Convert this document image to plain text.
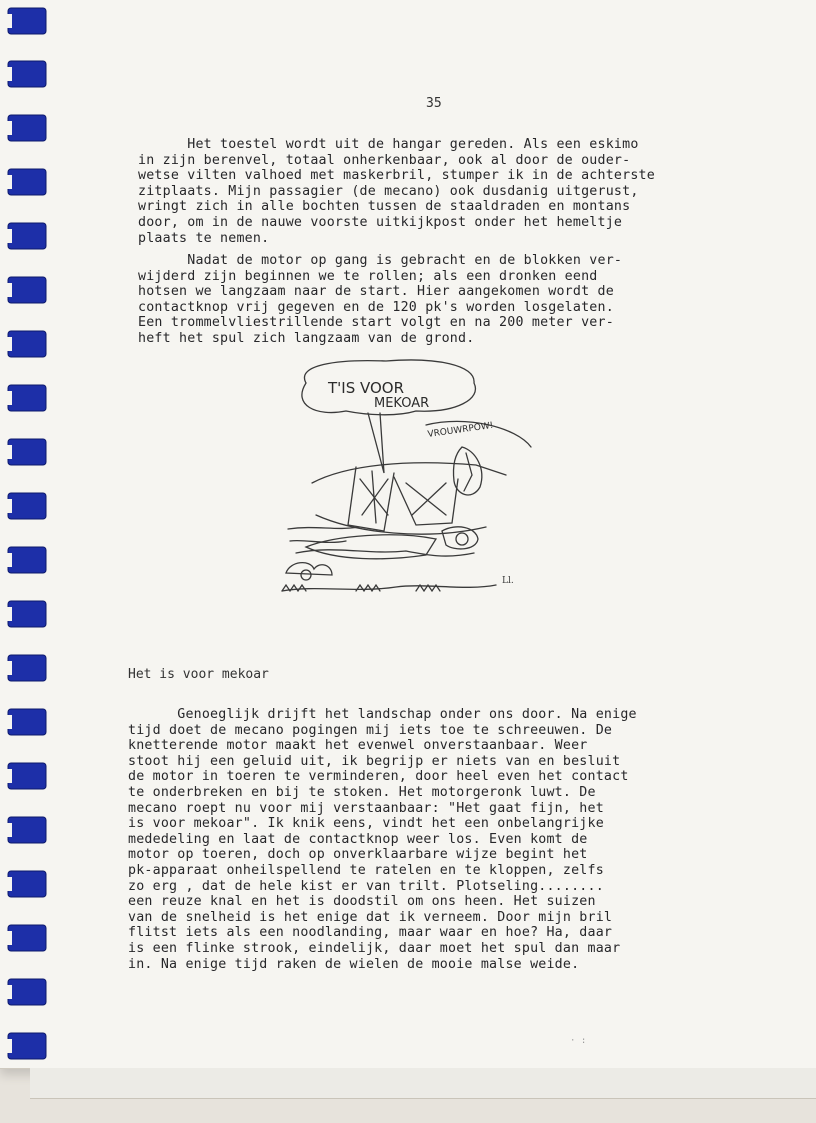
35
Het toestel wordt uit de hangar gereden. Als een eskimo
in zijn berenvel, totaal onherkenbaar, ook al door de ouder-
wetse vilten valhoed met maskerbril, stumper ik in de achterste
zitplaats. Mijn passagier (de mecano) ook dusdanig uitgerust,
wringt zich in alle bochten tussen de staaldraden en montans
door, om in de nauwe voorste uitkijkpost onder het hemeltje
plaats te nemen.
Nadat de motor op gang is gebracht en de blokken ver-
wijderd zijn beginnen we te rollen; als een dronken eend
hotsen we langzaam naar de start. Hier aangekomen wordt de
contactknop vrij gegeven en de 120 pk's worden losgelaten.
Een trommelvliestrillende start volgt en na 200 meter ver-
heft het spul zich langzaam van de grond.
T'IS VOOR
MEKOAR
VROUWRPOW!
Ll.
Het is voor mekoar
Genoeglijk drijft het landschap onder ons door. Na enige
tijd doet de mecano pogingen mij iets toe te schreeuwen. De
knetterende motor maakt het evenwel onverstaanbaar. Weer
stoot hij een geluid uit, ik begrijp er niets van en besluit
de motor in toeren te verminderen, door heel even het contact
te onderbreken en bij te stoken. Het motorgeronk luwt. De
mecano roept nu voor mij verstaanbaar: "Het gaat fijn, het
is voor mekoar". Ik knik eens, vindt het een onbelangrijke
mededeling en laat de contactknop weer los. Even komt de
motor op toeren, doch op onverklaarbare wijze begint het
pk-apparaat onheilspellend te ratelen en te kloppen, zelfs
zo erg , dat de hele kist er van trilt. Plotseling........
een reuze knal en het is doodstil om ons heen. Het suizen
van de snelheid is het enige dat ik verneem. Door mijn bril
flitst iets als een noodlanding, maar waar en hoe? Ha, daar
is een flinke strook, eindelijk, daar moet het spul dan maar
in. Na enige tijd raken de wielen de mooie malse weide.
· :
